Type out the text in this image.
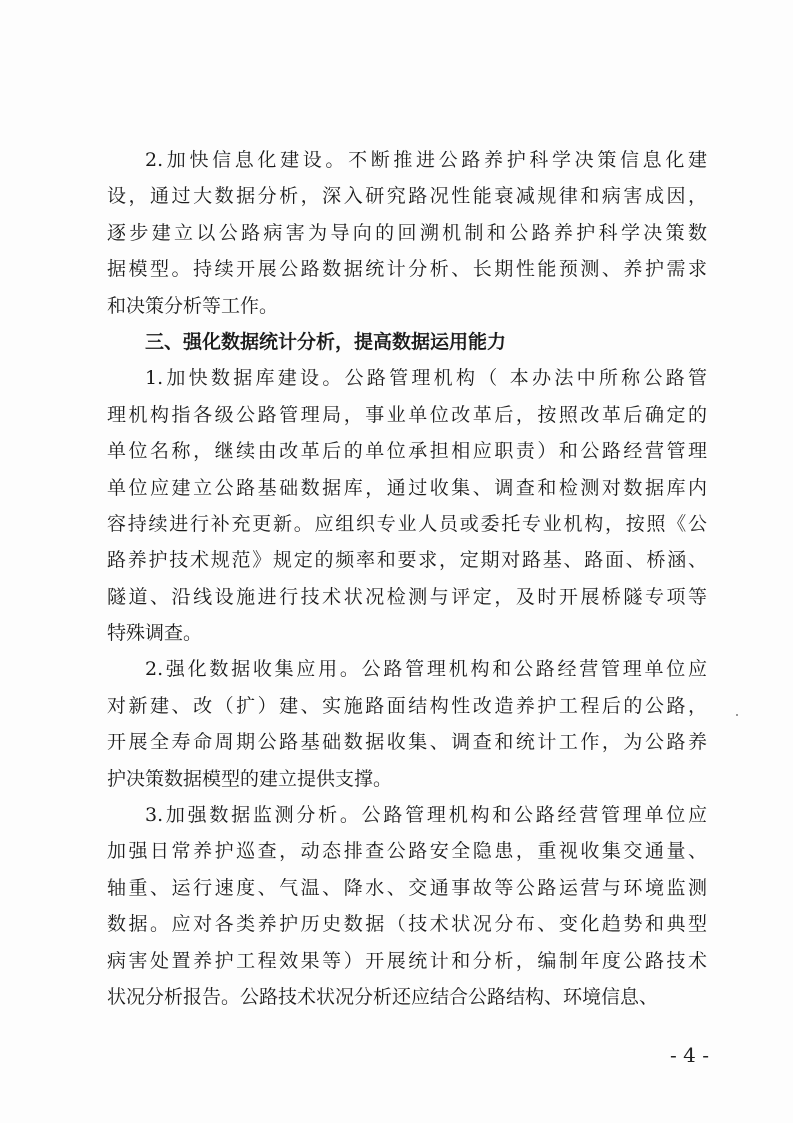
2.加快信息化建设。不断推进公路养护科学决策信息化建
设，通过大数据分析，深入研究路况性能衰减规律和病害成因，
逐步建立以公路病害为导向的回溯机制和公路养护科学决策数
据模型。持续开展公路数据统计分析、长期性能预测、养护需求
和决策分析等工作。
三、强化数据统计分析，提高数据运用能力
1.加快数据库建设。公路管理机构（ 本办法中所称公路管
理机构指各级公路管理局，事业单位改革后，按照改革后确定的
单位名称，继续由改革后的单位承担相应职责）和公路经营管理
单位应建立公路基础数据库，通过收集、调查和检测对数据库内
容持续进行补充更新。应组织专业人员或委托专业机构，按照《公
路养护技术规范》规定的频率和要求，定期对路基、路面、桥涵、
隧道、沿线设施进行技术状况检测与评定，及时开展桥隧专项等
特殊调查。
2.强化数据收集应用。公路管理机构和公路经营管理单位应
对新建、改（扩）建、实施路面结构性改造养护工程后的公路，
开展全寿命周期公路基础数据收集、调查和统计工作，为公路养
护决策数据模型的建立提供支撑。
3.加强数据监测分析。公路管理机构和公路经营管理单位应
加强日常养护巡查，动态排查公路安全隐患，重视收集交通量、
轴重、运行速度、气温、降水、交通事故等公路运营与环境监测
数据。应对各类养护历史数据（技术状况分布、变化趋势和典型
病害处置养护工程效果等）开展统计和分析，编制年度公路技术
状况分析报告。公路技术状况分析还应结合公路结构、环境信息、
- 4 -
